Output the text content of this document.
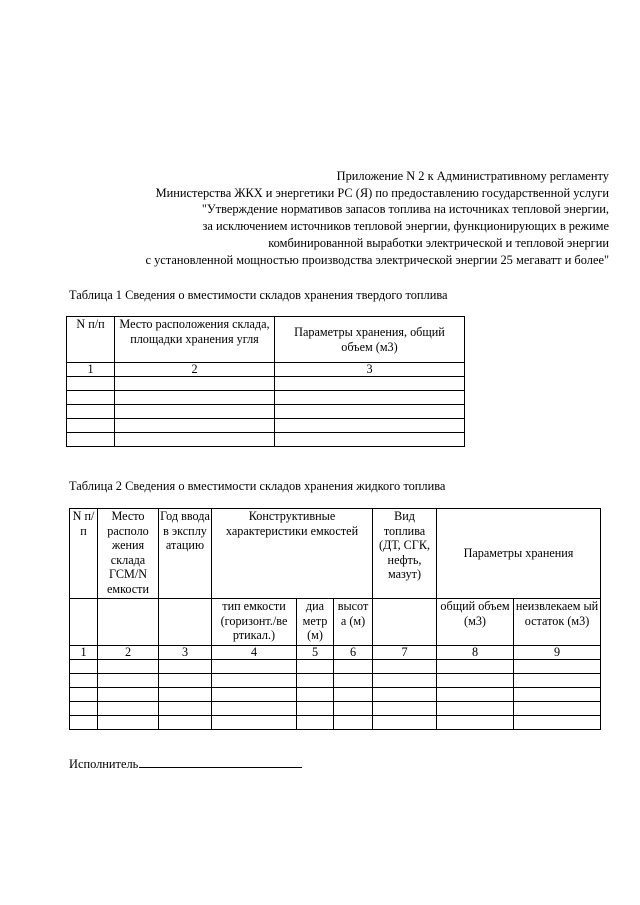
Приложение N 2 к Административному регламенту
Министерства ЖКХ и энергетики РС (Я) по предоставлению государственной услуги
"Утверждение нормативов запасов топлива на источниках тепловой энергии,
за исключением источников тепловой энергии, функционирующих в режиме
комбинированной выработки электрической и тепловой энергии
с установленной мощностью производства электрической энергии 25 мегаватт и более"
Таблица 1 Сведения о вместимости складов хранения твердого топлива
N п/п	Место расположения склада, площадки хранения угля	Параметры хранения, общий объем (м3)
1	2	3

Таблица 2 Сведения о вместимости складов хранения жидкого топлива
N п/п	Место располо жения склада ГСМ/N емкости	Год ввода в эксплу атацию	Конструктивные характеристики емкостей			Вид топлива (ДТ, СГК, нефть, мазут)	Параметры хранения	
			тип емкости (горизонт./ве ртикал.)	диа метр (м)	высот а (м)		общий объем (м3)	неизвлекаем ый остаток (м3)
1	2	3	4	5	6	7	8	9

Исполнитель
